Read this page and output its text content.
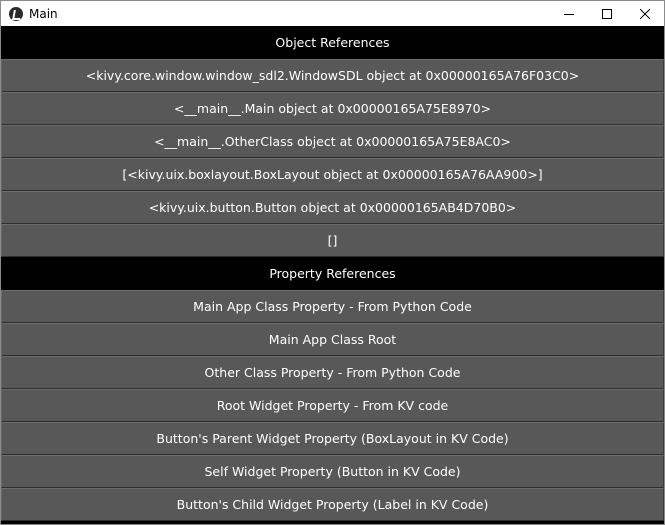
Main
Object References
<kivy.core.window.window_sdl2.WindowSDL object at 0x00000165A76F03C0>
<__main__.Main object at 0x00000165A75E8970>
<__main__.OtherClass object at 0x00000165A75E8AC0>
[<kivy.uix.boxlayout.BoxLayout object at 0x00000165A76AA900>]
<kivy.uix.button.Button object at 0x00000165AB4D70B0>
[]
Property References
Main App Class Property - From Python Code
Main App Class Root
Other Class Property - From Python Code
Root Widget Property - From KV code
Button's Parent Widget Property (BoxLayout in KV Code)
Self Widget Property (Button in KV Code)
Button's Child Widget Property (Label in KV Code)
